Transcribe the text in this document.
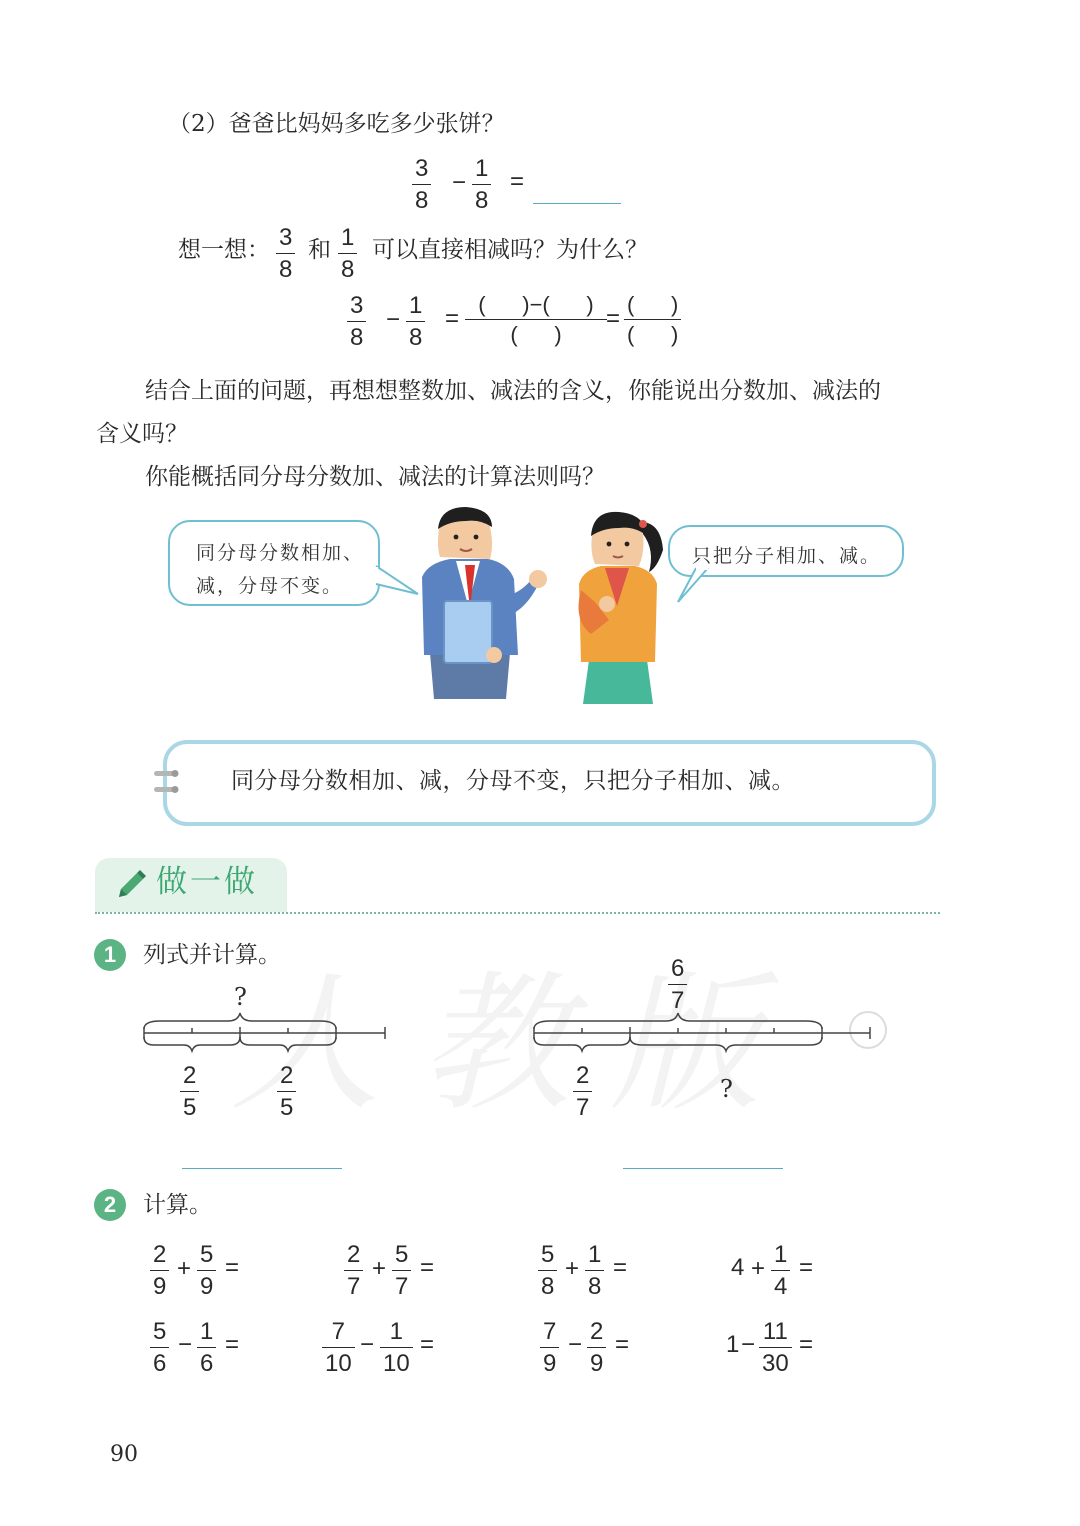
（2）爸爸比妈妈多吃多少张饼？
$\frac{3}{8} - \frac{1}{8}$ =
想一想： $\frac{3}{8}$ 和 $\frac{1}{8}$ 可以直接相减吗？为什么？
$\frac{3}{8} - \frac{1}{8}$ =
(      )−(      )
(      )
=
(      )
(      )
结合上面的问题，再想想整数加、减法的含义，你能说出分数加、减法的
含义吗？
你能概括同分母分数加、减法的计算法则吗？
同分母分数相加、
减，分母不变。
只把分子相加、减。
同分母分数相加、减，分母不变，只把分子相加、减。
做一做
1	列式并计算。
?
$\frac{2}{5}$	$\frac{2}{5}$
$\frac{6}{7}$
$\frac{2}{7}$	?
2	计算。
$\frac{2}{9} + \frac{5}{9}$ =	$\frac{2}{7} + \frac{5}{7}$ =	$\frac{5}{8} + \frac{1}{8}$ =	$4 + \frac{1}{4}$ =
$\frac{5}{6} - \frac{1}{6}$ =	$\frac{7}{10} - \frac{1}{10}$ =	$\frac{7}{9} - \frac{2}{9}$ =	$1 - \frac{11}{30}$ =
90
